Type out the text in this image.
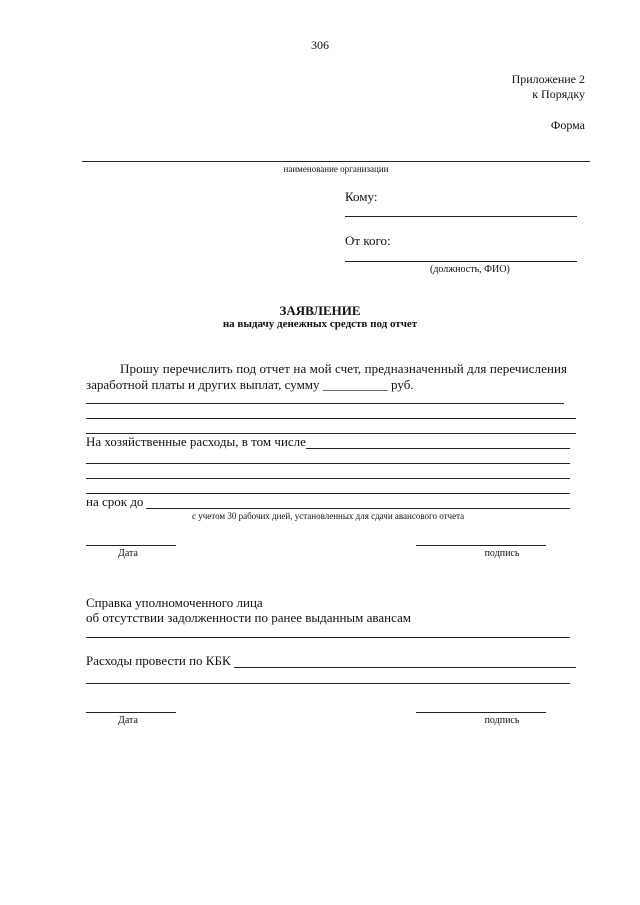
306
Приложение 2
к Порядку
Форма
наименование организации
Кому:
От кого:
(должность, ФИО)
ЗАЯВЛЕНИЕ
на выдачу денежных средств под отчет
Прошу перечислить под отчет на мой счет, предназначенный для перечисления
заработной платы и других выплат, сумму __________ руб.
На хозяйственные расходы, в том числе
на срок до
с учетом 30 рабочих дней, установленных для сдачи авансового отчета
Дата	подпись
Справка уполномоченного лица
об отсутствии задолженности по ранее выданным авансам
Расходы провести по КБК
Дата	подпись
